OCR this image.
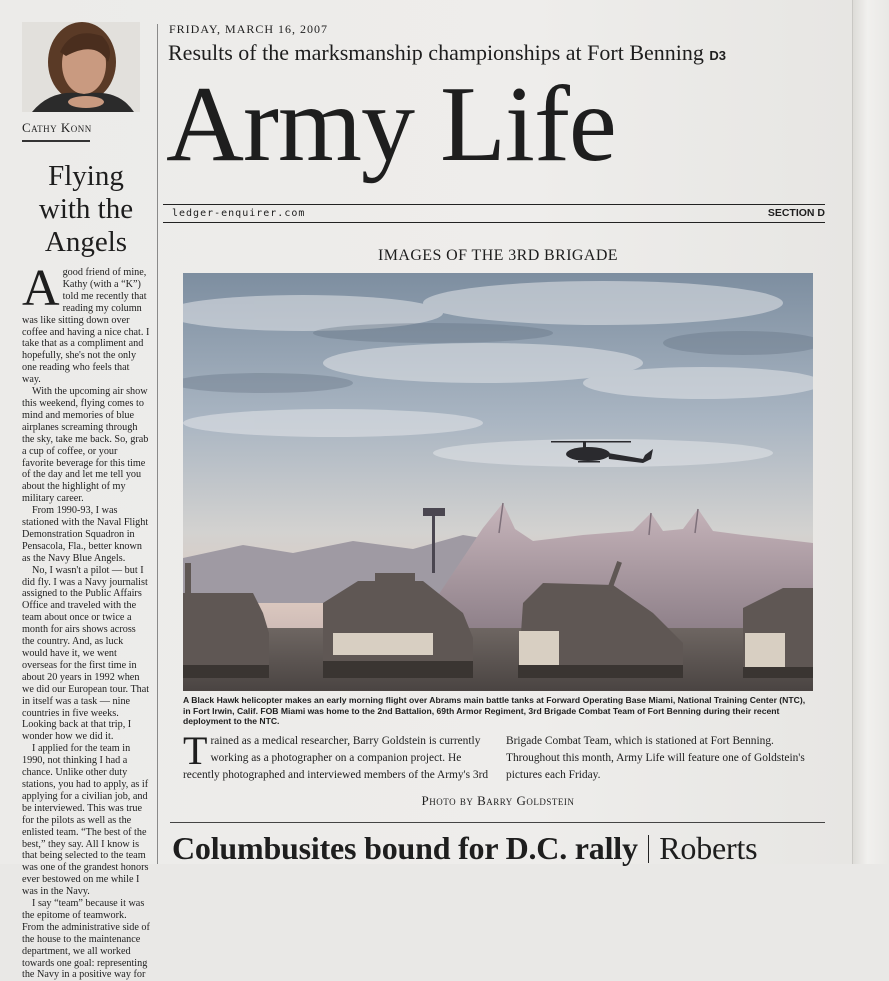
Cathy Konn
Flying
with the
Angels

Agood friend of mine, Kathy (with a “K”) told me recently that reading my column was like sitting down over coffee and having a nice chat. I take that as a compliment and hopefully, she's not the only one reading who feels that way.

With the upcoming air show this weekend, flying comes to mind and memories of blue airplanes screaming through the sky, take me back. So, grab a cup of coffee, or your favorite beverage for this time of the day and let me tell you about the highlight of my military career.

From 1990-93, I was stationed with the Naval Flight Demonstration Squadron in Pensacola, Fla., better known as the Navy Blue Angels.

No, I wasn't a pilot — but I did fly. I was a Navy journalist assigned to the Public Affairs Office and traveled with the team about once or twice a month for airs shows across the country. And, as luck would have it, we went overseas for the first time in about 20 years in 1992 when we did our European tour. That in itself was a task — nine countries in five weeks. Looking back at that trip, I wonder how we did it.

I applied for the team in 1990, not thinking I had a chance. Unlike other duty stations, you had to apply, as if applying for a civilian job, and be interviewed. This was true for the pilots as well as the enlisted team. “The best of the best,” they say. All I know is that being selected to the team was one of the grandest honors ever bestowed on me while I was in the Navy.

I say “team” because it was the epitome of teamwork. From the administrative side of the house to the maintenance department, we all worked towards one goal: representing the Navy in a positive way for

FRIDAY, MARCH 16, 2007
Results of the marksmanship championships at Fort Benning D3
Army Life
ledger-enquirer.com	SECTION D
IMAGES OF THE 3RD BRIGADE
A Black Hawk helicopter makes an early morning flight over Abrams main battle tanks at Forward Operating Base Miami, National Training Center (NTC), in Fort Irwin, Calif. FOB Miami was home to the 2nd Battalion, 69th Armor Regiment, 3rd Brigade Combat Team of Fort Benning during their recent deployment to the NTC.
Trained as a medical researcher, Barry Goldstein is currently working as a photographer on a companion project. He recently photographed and interviewed members of the Army's 3rd Brigade Combat Team, which is stationed at Fort Benning. Throughout this month, Army Life will feature one of Goldstein's pictures each Friday.
Photo by Barry Goldstein
Columbusites bound for D.C. rally Roberts
